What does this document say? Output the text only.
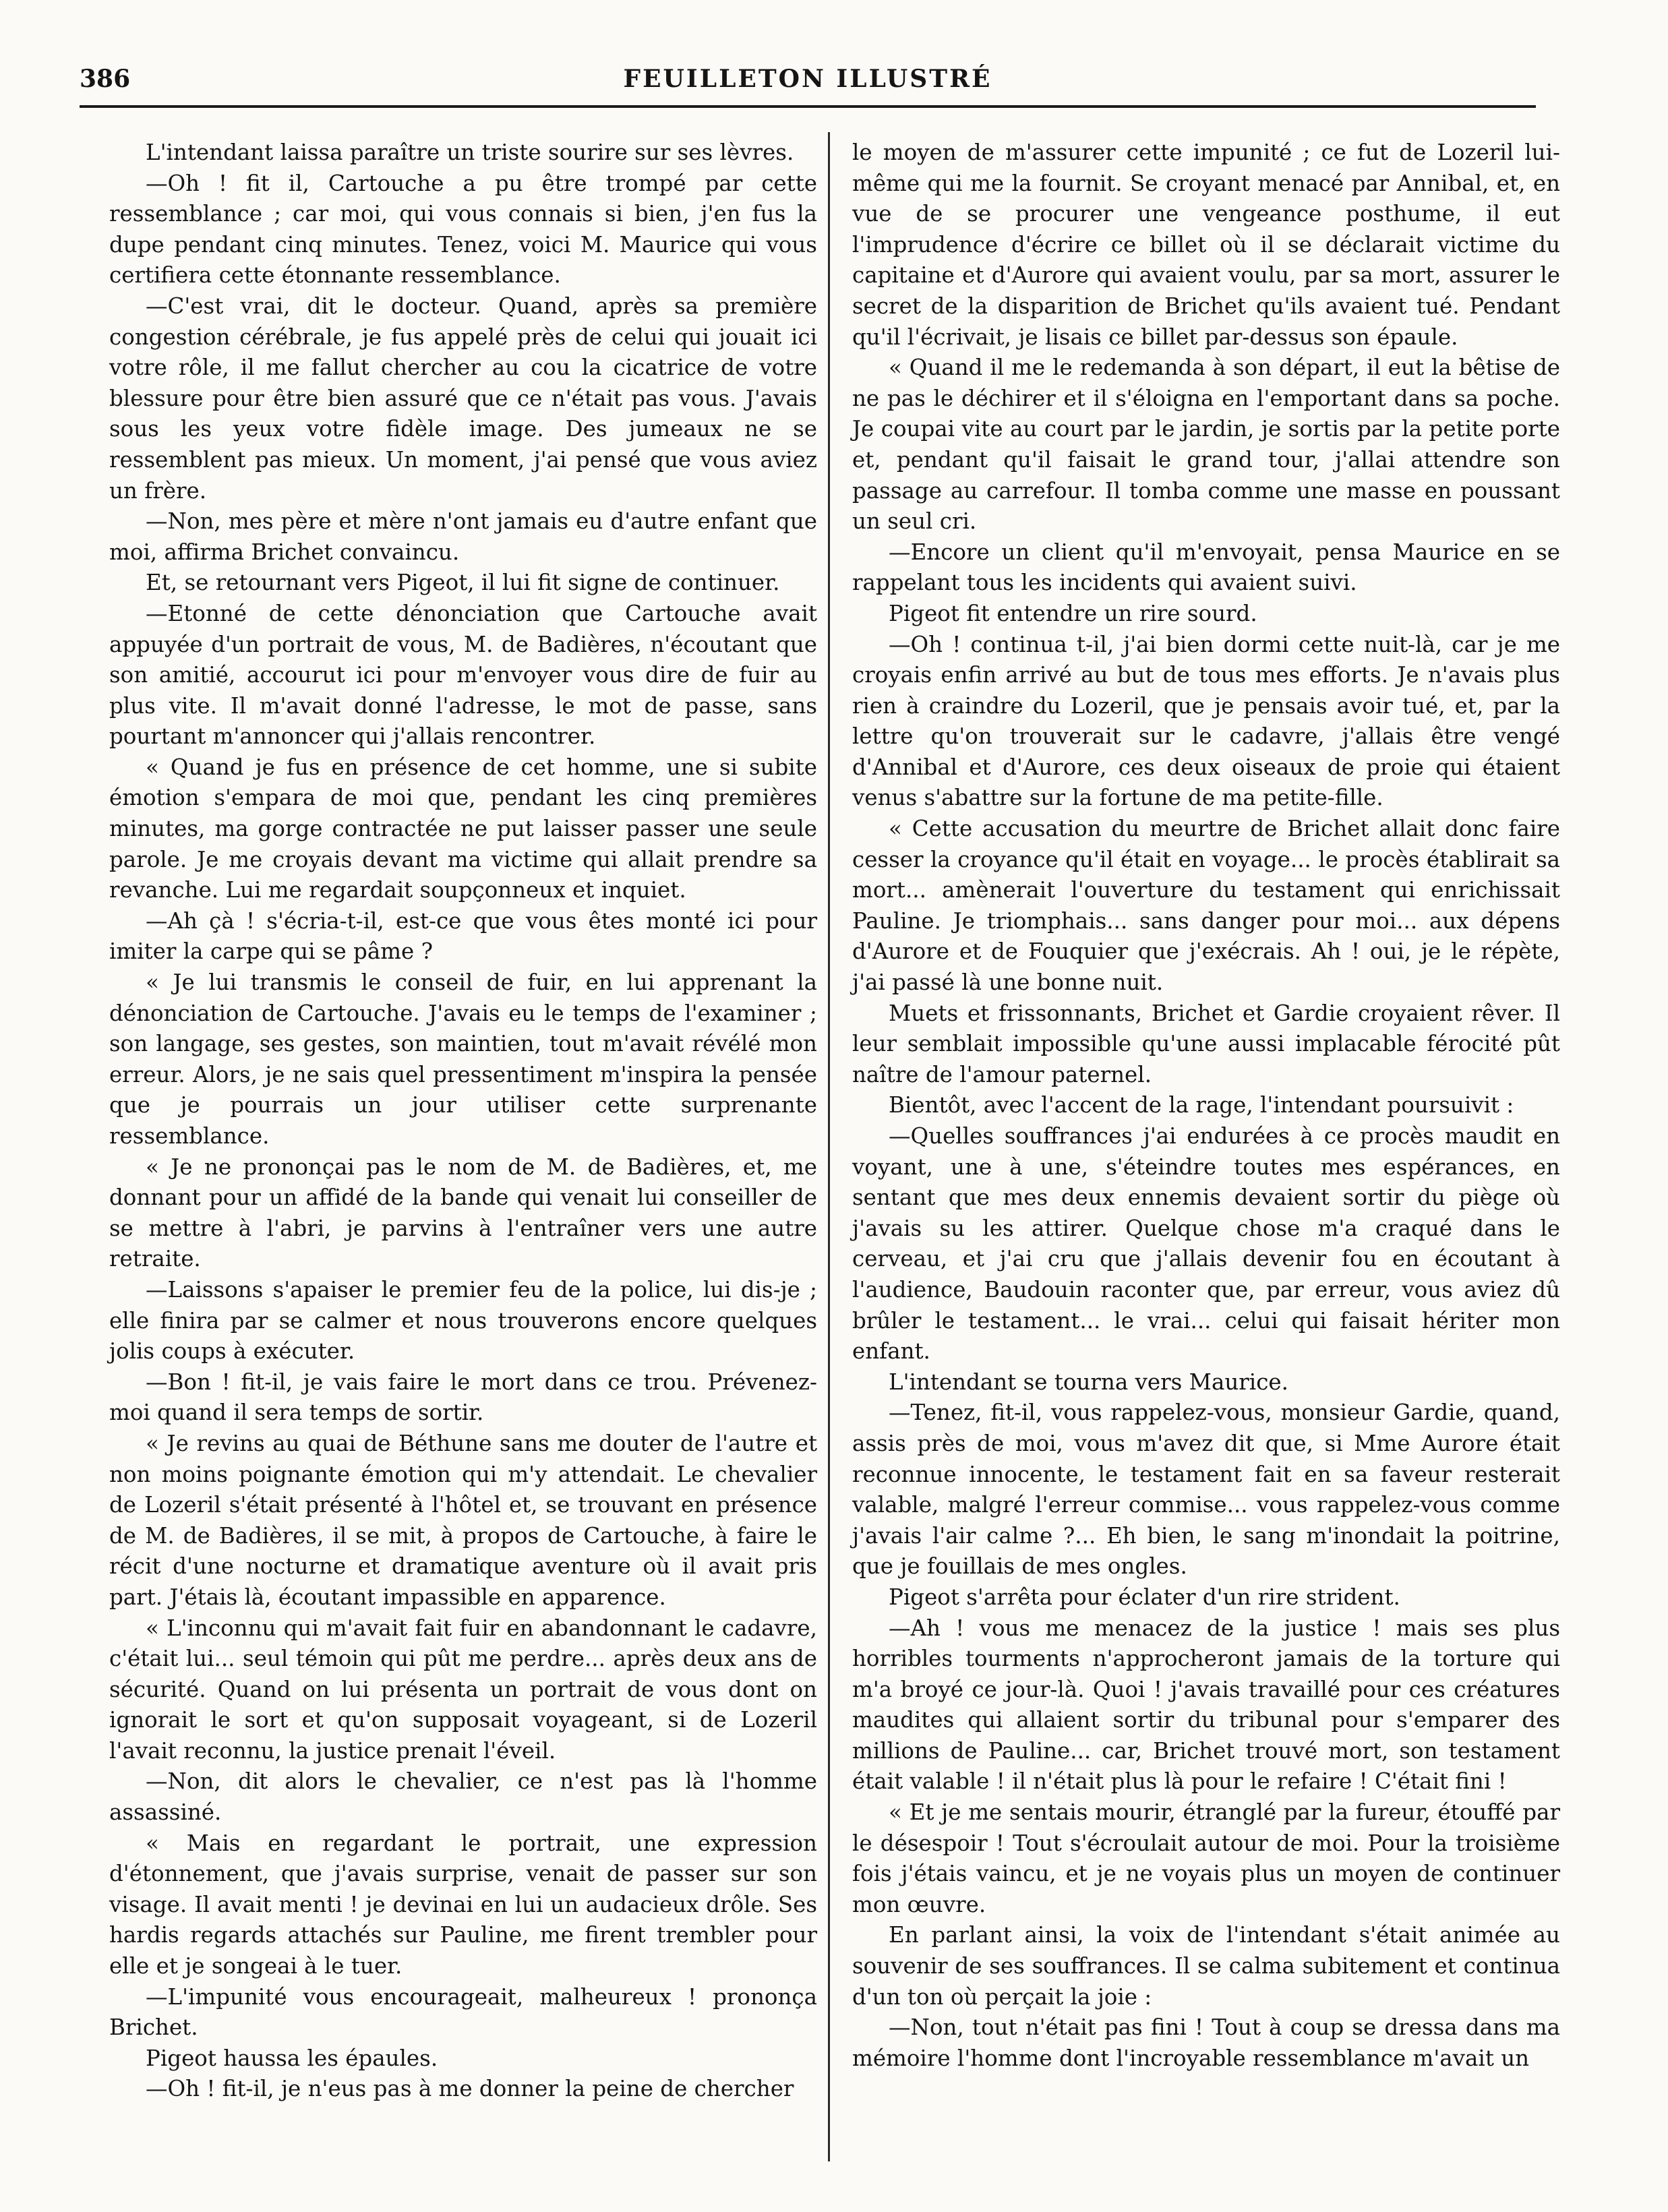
386	FEUILLETON ILLUSTRÉ

L'intendant laissa paraître un triste sourire sur ses lèvres.

—Oh ! fit il, Cartouche a pu être trompé par cette ressemblance ; car moi, qui vous connais si bien, j'en fus la dupe pendant cinq minutes. Tenez, voici M. Maurice qui vous certifiera cette étonnante ressemblance.

—C'est vrai, dit le docteur. Quand, après sa première congestion cérébrale, je fus appelé près de celui qui jouait ici votre rôle, il me fallut chercher au cou la cicatrice de votre blessure pour être bien assuré que ce n'était pas vous. J'avais sous les yeux votre fidèle image. Des jumeaux ne se ressemblent pas mieux. Un moment, j'ai pensé que vous aviez un frère.

—Non, mes père et mère n'ont jamais eu d'autre enfant que moi, affirma Brichet convaincu.

Et, se retournant vers Pigeot, il lui fit signe de continuer.

—Etonné de cette dénonciation que Cartouche avait appuyée d'un portrait de vous, M. de Badières, n'écoutant que son amitié, accourut ici pour m'envoyer vous dire de fuir au plus vite. Il m'avait donné l'adresse, le mot de passe, sans pourtant m'annoncer qui j'allais rencontrer.

« Quand je fus en présence de cet homme, une si subite émotion s'empara de moi que, pendant les cinq premières minutes, ma gorge contractée ne put laisser passer une seule parole. Je me croyais devant ma victime qui allait prendre sa revanche. Lui me regardait soupçonneux et inquiet.

—Ah çà ! s'écria-t-il, est-ce que vous êtes monté ici pour imiter la carpe qui se pâme ?

« Je lui transmis le conseil de fuir, en lui apprenant la dénonciation de Cartouche. J'avais eu le temps de l'examiner ; son langage, ses gestes, son maintien, tout m'avait révélé mon erreur. Alors, je ne sais quel pressentiment m'inspira la pensée que je pourrais un jour utiliser cette surprenante ressemblance.

« Je ne prononçai pas le nom de M. de Badières, et, me donnant pour un affidé de la bande qui venait lui conseiller de se mettre à l'abri, je parvins à l'entraîner vers une autre retraite.

—Laissons s'apaiser le premier feu de la police, lui dis-je ; elle finira par se calmer et nous trouverons encore quelques jolis coups à exécuter.

—Bon ! fit-il, je vais faire le mort dans ce trou. Prévenez-moi quand il sera temps de sortir.

« Je revins au quai de Béthune sans me douter de l'autre et non moins poignante émotion qui m'y attendait. Le chevalier de Lozeril s'était présenté à l'hôtel et, se trouvant en présence de M. de Badières, il se mit, à propos de Cartouche, à faire le récit d'une nocturne et dramatique aventure où il avait pris part. J'étais là, écoutant impassible en apparence.

« L'inconnu qui m'avait fait fuir en abandonnant le cadavre, c'était lui... seul témoin qui pût me perdre... après deux ans de sécurité. Quand on lui présenta un portrait de vous dont on ignorait le sort et qu'on supposait voyageant, si de Lozeril l'avait reconnu, la justice prenait l'éveil.

—Non, dit alors le chevalier, ce n'est pas là l'homme assassiné.

« Mais en regardant le portrait, une expression d'étonnement, que j'avais surprise, venait de passer sur son visage. Il avait menti ! je devinai en lui un audacieux drôle. Ses hardis regards attachés sur Pauline, me firent trembler pour elle et je songeai à le tuer.

—L'impunité vous encourageait, malheureux ! prononça Brichet.

Pigeot haussa les épaules.

—Oh ! fit-il, je n'eus pas à me donner la peine de chercher

le moyen de m'assurer cette impunité ; ce fut de Lozeril lui-même qui me la fournit. Se croyant menacé par Annibal, et, en vue de se procurer une vengeance posthume, il eut l'imprudence d'écrire ce billet où il se déclarait victime du capitaine et d'Aurore qui avaient voulu, par sa mort, assurer le secret de la disparition de Brichet qu'ils avaient tué. Pendant qu'il l'écrivait, je lisais ce billet par-dessus son épaule.

« Quand il me le redemanda à son départ, il eut la bêtise de ne pas le déchirer et il s'éloigna en l'emportant dans sa poche. Je coupai vite au court par le jardin, je sortis par la petite porte et, pendant qu'il faisait le grand tour, j'allai attendre son passage au carrefour. Il tomba comme une masse en poussant un seul cri.

—Encore un client qu'il m'envoyait, pensa Maurice en se rappelant tous les incidents qui avaient suivi.

Pigeot fit entendre un rire sourd.

—Oh ! continua t-il, j'ai bien dormi cette nuit-là, car je me croyais enfin arrivé au but de tous mes efforts. Je n'avais plus rien à craindre du Lozeril, que je pensais avoir tué, et, par la lettre qu'on trouverait sur le cadavre, j'allais être vengé d'Annibal et d'Aurore, ces deux oiseaux de proie qui étaient venus s'abattre sur la fortune de ma petite-fille.

« Cette accusation du meurtre de Brichet allait donc faire cesser la croyance qu'il était en voyage... le procès établirait sa mort... amènerait l'ouverture du testament qui enrichissait Pauline. Je triomphais... sans danger pour moi... aux dépens d'Aurore et de Fouquier que j'exécrais. Ah ! oui, je le répète, j'ai passé là une bonne nuit.

Muets et frissonnants, Brichet et Gardie croyaient rêver. Il leur semblait impossible qu'une aussi implacable férocité pût naître de l'amour paternel.

Bientôt, avec l'accent de la rage, l'intendant poursuivit :

—Quelles souffrances j'ai endurées à ce procès maudit en voyant, une à une, s'éteindre toutes mes espérances, en sentant que mes deux ennemis devaient sortir du piège où j'avais su les attirer. Quelque chose m'a craqué dans le cerveau, et j'ai cru que j'allais devenir fou en écoutant à l'audience, Baudouin raconter que, par erreur, vous aviez dû brûler le testament... le vrai... celui qui faisait hériter mon enfant.

L'intendant se tourna vers Maurice.

—Tenez, fit-il, vous rappelez-vous, monsieur Gardie, quand, assis près de moi, vous m'avez dit que, si Mme Aurore était reconnue innocente, le testament fait en sa faveur resterait valable, malgré l'erreur commise... vous rappelez-vous comme j'avais l'air calme ?... Eh bien, le sang m'inondait la poitrine, que je fouillais de mes ongles.

Pigeot s'arrêta pour éclater d'un rire strident.

—Ah ! vous me menacez de la justice ! mais ses plus horribles tourments n'approcheront jamais de la torture qui m'a broyé ce jour-là. Quoi ! j'avais travaillé pour ces créatures maudites qui allaient sortir du tribunal pour s'emparer des millions de Pauline... car, Brichet trouvé mort, son testament était valable ! il n'était plus là pour le refaire ! C'était fini !

« Et je me sentais mourir, étranglé par la fureur, étouffé par le désespoir ! Tout s'écroulait autour de moi. Pour la troisième fois j'étais vaincu, et je ne voyais plus un moyen de continuer mon œuvre.

En parlant ainsi, la voix de l'intendant s'était animée au souvenir de ses souffrances. Il se calma subitement et continua d'un ton où perçait la joie :

—Non, tout n'était pas fini ! Tout à coup se dressa dans ma mémoire l'homme dont l'incroyable ressemblance m'avait un
